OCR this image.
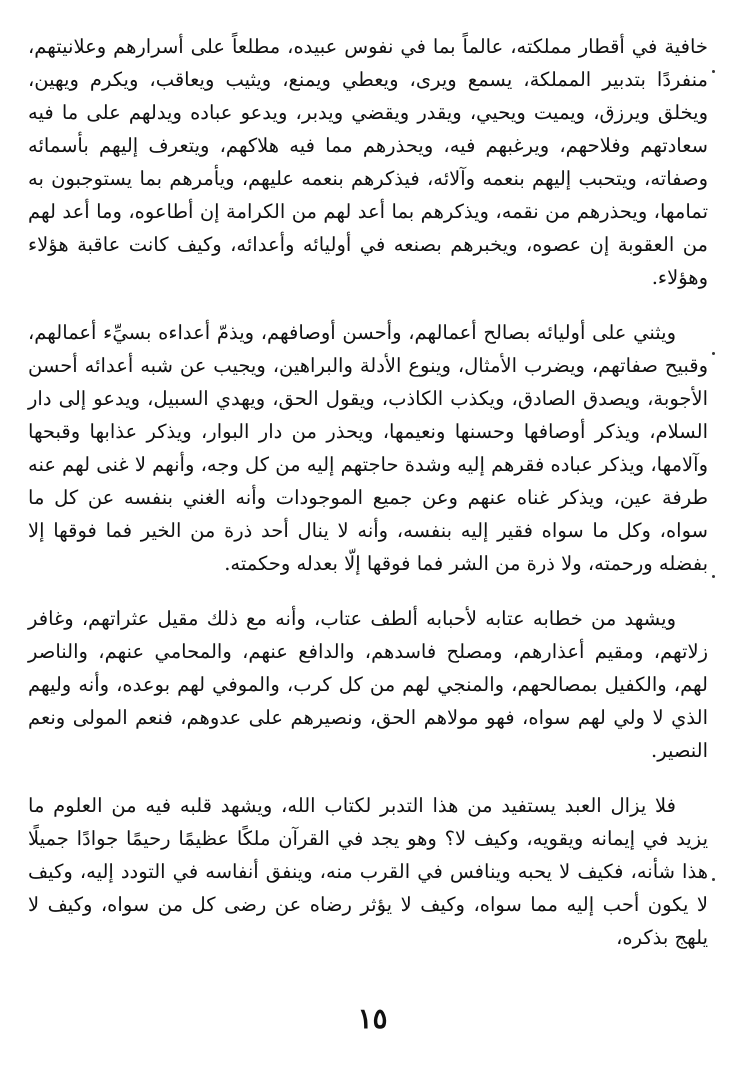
خافية في أقطار مملكته، عالماً بما في نفوس عبيده، مطلعاً على أسرارهم وعلانيتهم، منفردًا بتدبير المملكة، يسمع ويرى، ويعطي ويمنع، ويثيب ويعاقب، ويكرم ويهين، ويخلق ويرزق، ويميت ويحيي، ويقدر ويقضي ويدبر، ويدعو عباده ويدلهم على ما فيه سعادتهم وفلاحهم، ويرغبهم فيه، ويحذرهم مما فيه هلاكهم، ويتعرف إليهم بأسمائه وصفاته، ويتحبب إليهم بنعمه وآلائه، فيذكرهم بنعمه عليهم، ويأمرهم بما يستوجبون به تمامها، ويحذرهم من نقمه، ويذكرهم بما أعد لهم من الكرامة إن أطاعوه، وما أعد لهم من العقوبة إن عصوه، ويخبرهم بصنعه في أوليائه وأعدائه، وكيف كانت عاقبة هؤلاء وهؤلاء.

ويثني على أوليائه بصالح أعمالهم، وأحسن أوصافهم، ويذمّ أعداءه بسيِّء أعمالهم، وقبيح صفاتهم، ويضرب الأمثال، وينوع الأدلة والبراهين، ويجيب عن شبه أعدائه أحسن الأجوبة، ويصدق الصادق، ويكذب الكاذب، ويقول الحق، ويهدي السبيل، ويدعو إلى دار السلام، ويذكر أوصافها وحسنها ونعيمها، ويحذر من دار البوار، ويذكر عذابها وقبحها وآلامها، ويذكر عباده فقرهم إليه وشدة حاجتهم إليه من كل وجه، وأنهم لا غنى لهم عنه طرفة عين، ويذكر غناه عنهم وعن جميع الموجودات وأنه الغني بنفسه عن كل ما سواه، وكل ما سواه فقير إليه بنفسه، وأنه لا ينال أحد ذرة من الخير فما فوقها إلا بفضله ورحمته، ولا ذرة من الشر فما فوقها إلّا بعدله وحكمته.

ويشهد من خطابه عتابه لأحبابه ألطف عتاب، وأنه مع ذلك مقيل عثراتهم، وغافر زلاتهم، ومقيم أعذارهم، ومصلح فاسدهم، والدافع عنهم، والمحامي عنهم، والناصر لهم، والكفيل بمصالحهم، والمنجي لهم من كل كرب، والموفي لهم بوعده، وأنه وليهم الذي لا ولي لهم سواه، فهو مولاهم الحق، ونصيرهم على عدوهم، فنعم المولى ونعم النصير.

فلا يزال العبد يستفيد من هذا التدبر لكتاب الله، ويشهد قلبه فيه من العلوم ما يزيد في إيمانه ويقويه، وكيف لا؟ وهو يجد في القرآن ملكًا عظيمًا رحيمًا جوادًا جميلًا هذا شأنه، فكيف لا يحبه وينافس في القرب منه، وينفق أنفاسه في التودد إليه، وكيف لا يكون أحب إليه مما سواه، وكيف لا يؤثر رضاه عن رضى كل من سواه، وكيف لا يلهج بذكره،

١٥
